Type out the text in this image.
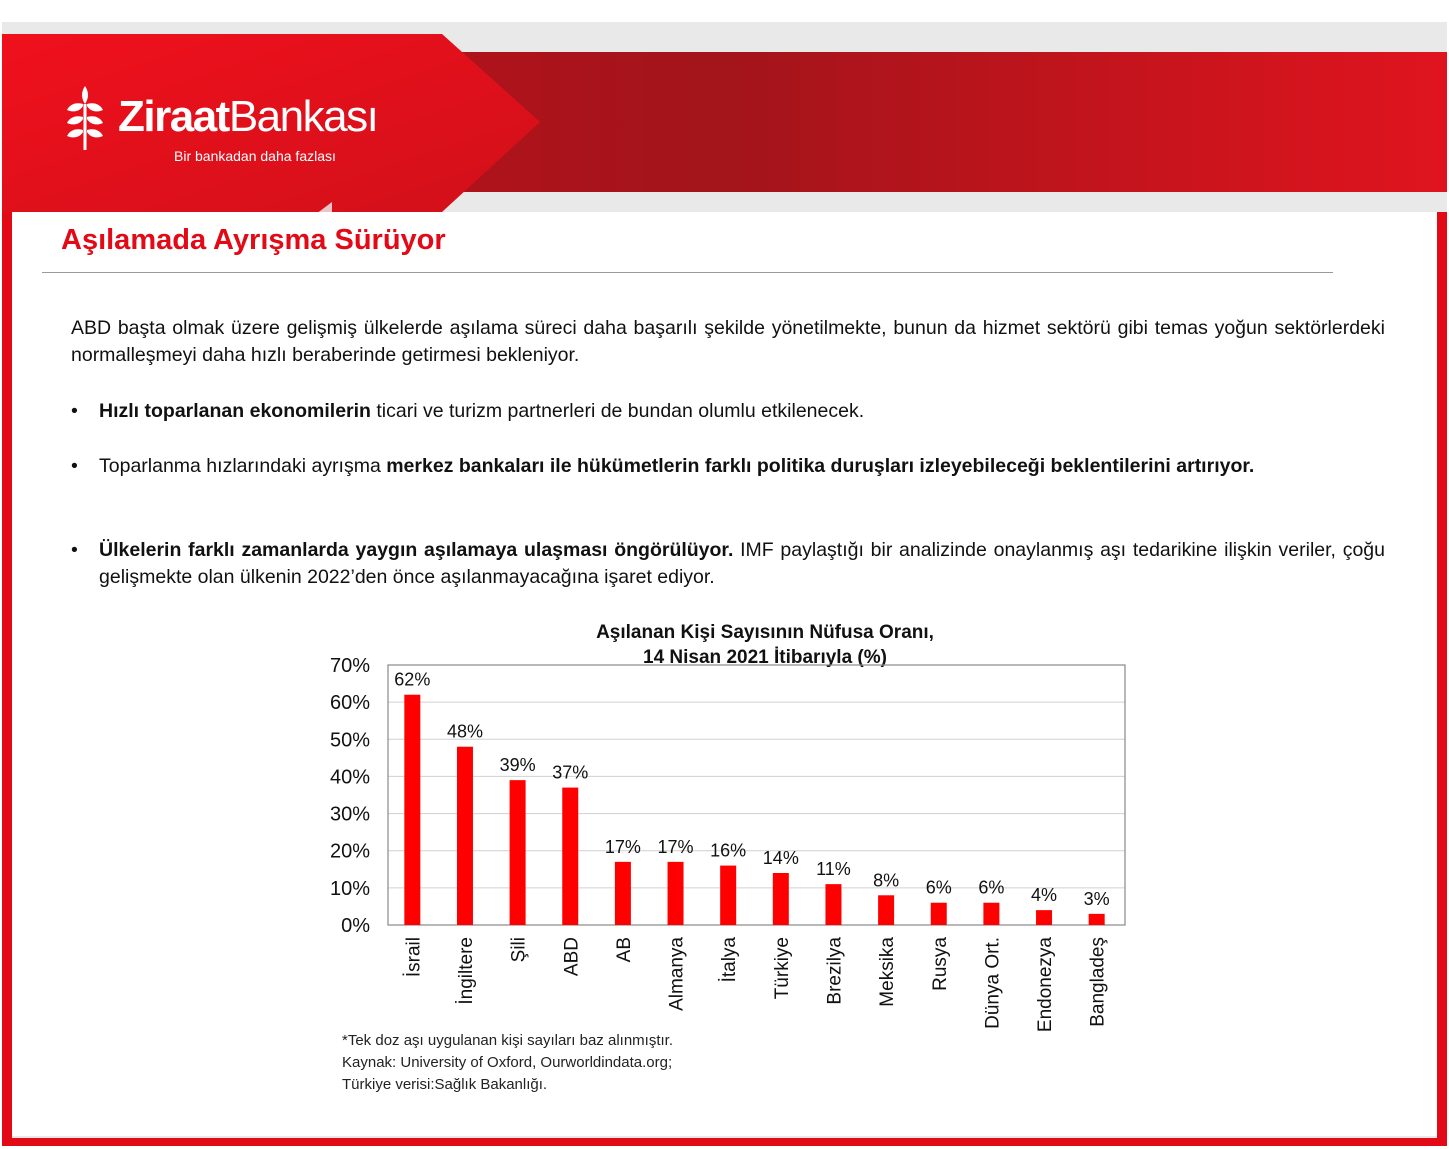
ZiraatBankası
Bir bankadan daha fazlası
Aşılamada Ayrışma Sürüyor
ABD başta olmak üzere gelişmiş ülkelerde aşılama süreci daha başarılı şekilde yönetilmekte, bunun da hizmet sektörü gibi temas yoğun sektörlerdeki normalleşmeyi daha hızlı beraberinde getirmesi bekleniyor.
• Hızlı toparlanan ekonomilerin ticari ve turizm partnerleri de bundan olumlu etkilenecek.
• Toparlanma hızlarındaki ayrışma merkez bankaları ile hükümetlerin farklı politika duruşları izleyebileceği beklentilerini artırıyor.
• Ülkelerin farklı zamanlarda yaygın aşılamaya ulaşması öngörülüyor. IMF paylaştığı bir analizinde onaylanmış aşı tedarikine ilişkin veriler, çoğu gelişmekte olan ülkenin 2022’den önce aşılanmayacağına işaret ediyor.
Aşılanan Kişi Sayısının Nüfusa Oranı,
14 Nisan 2021 İtibarıyla (%)
0%
10%
20%
30%
40%
50%
60%
70%
62%
İsrail
48%
İngiltere
39%
Şili
37%
ABD
17%
AB
17%
Almanya
16%
İtalya
14%
Türkiye
11%
Brezilya
8%
Meksika
6%
Rusya
6%
Dünya Ort.
4%
Endonezya
3%
Bangladeş
*Tek doz aşı uygulanan kişi sayıları baz alınmıştır.
Kaynak: University of Oxford, Ourworldindata.org;
Türkiye verisi:Sağlık Bakanlığı.
